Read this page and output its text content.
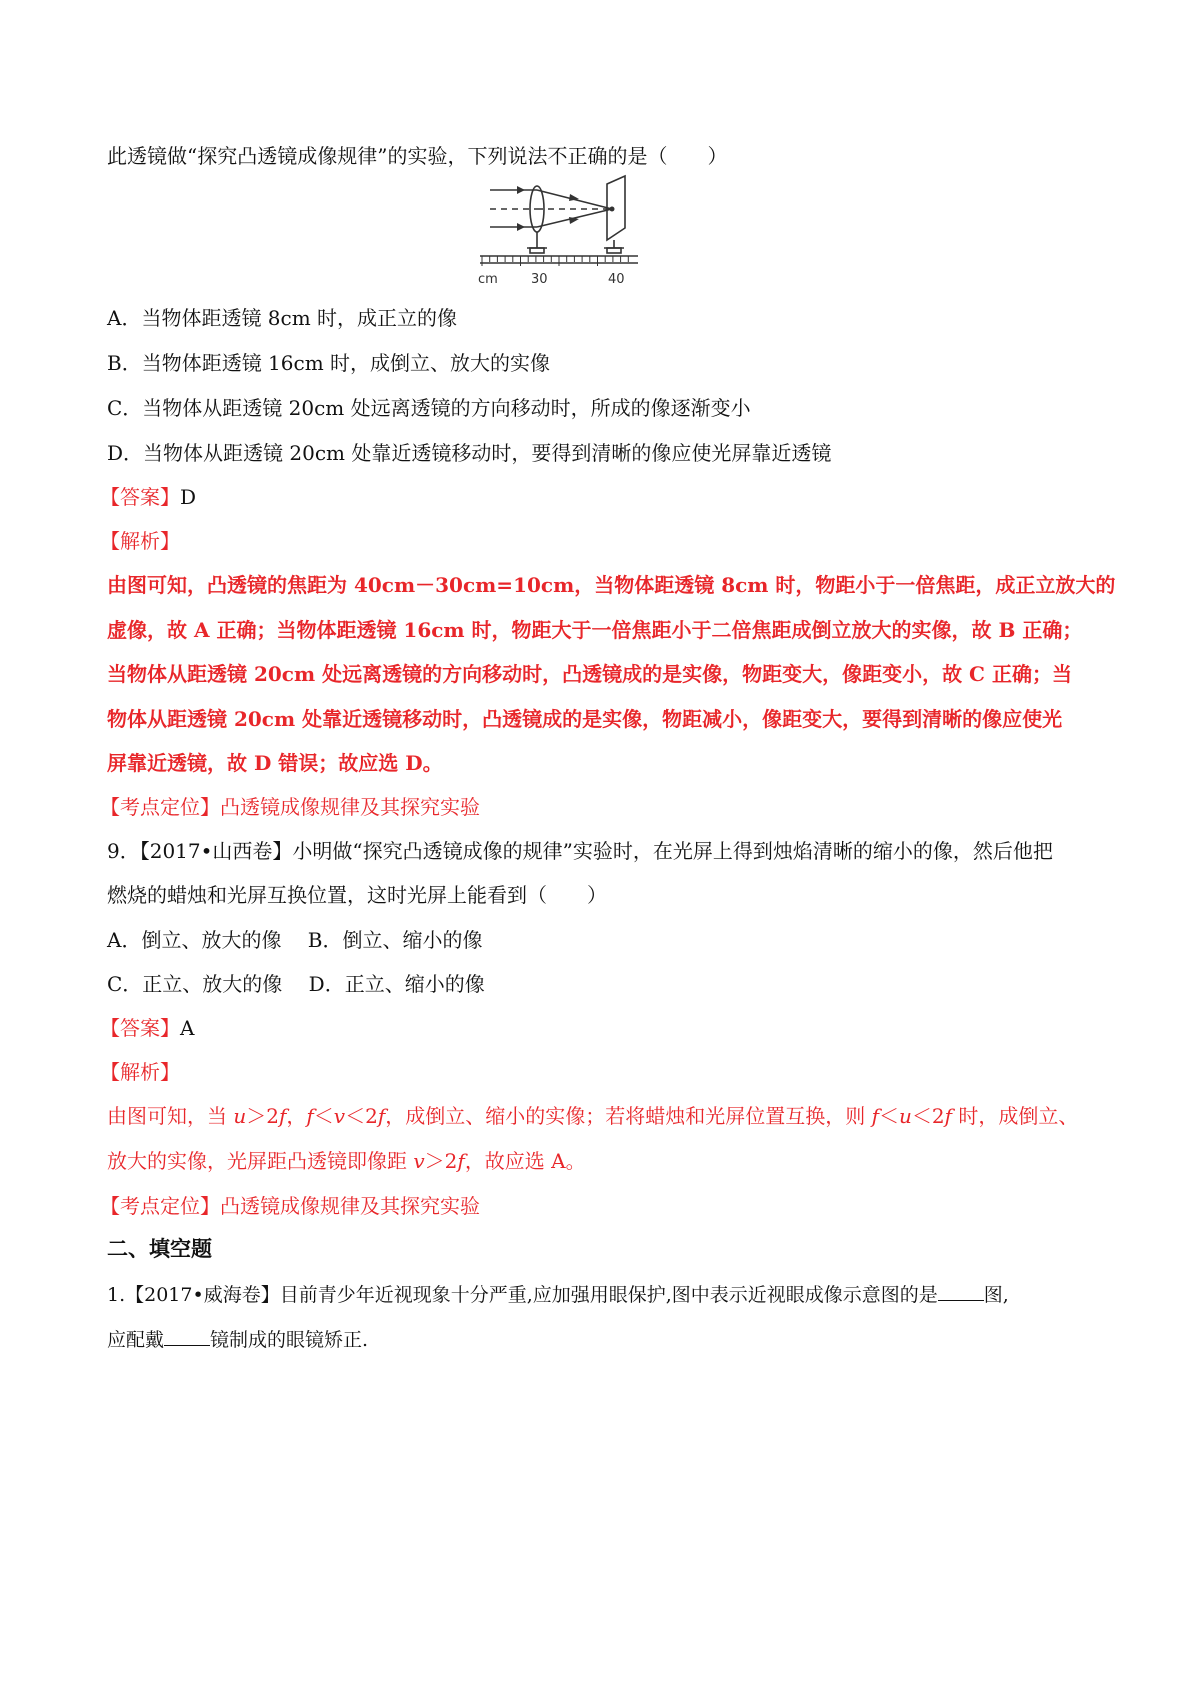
此透镜做“探究凸透镜成像规律”的实验，下列说法不正确的是（　　）
cm	30	40
A．当物体距透镜 8cm 时，成正立的像
B．当物体距透镜 16cm 时，成倒立、放大的实像
C．当物体从距透镜 20cm 处远离透镜的方向移动时，所成的像逐渐变小
D．当物体从距透镜 20cm 处靠近透镜移动时，要得到清晰的像应使光屏靠近透镜
【答案】D
【解析】
由图可知，凸透镜的焦距为 40cm－30cm=10cm，当物体距透镜 8cm 时，物距小于一倍焦距，成正立放大的
虚像，故 A 正确；当物体距透镜 16cm 时，物距大于一倍焦距小于二倍焦距成倒立放大的实像，故 B 正确；
当物体从距透镜 20cm 处远离透镜的方向移动时，凸透镜成的是实像，物距变大，像距变小，故 C 正确；当
物体从距透镜 20cm 处靠近透镜移动时，凸透镜成的是实像，物距减小，像距变大，要得到清晰的像应使光
屏靠近透镜，故 D 错误；故应选 D。
【考点定位】凸透镜成像规律及其探究实验
9．【2017•山西卷】小明做“探究凸透镜成像的规律”实验时，在光屏上得到烛焰清晰的缩小的像，然后他把
燃烧的蜡烛和光屏互换位置，这时光屏上能看到（　　）
A．倒立、放大的像　 B．倒立、缩小的像
C．正立、放大的像　 D．正立、缩小的像
【答案】A
【解析】
由图可知，当 u＞2f，f＜v＜2f，成倒立、缩小的实像；若将蜡烛和光屏位置互换，则 f＜u＜2f 时，成倒立、
放大的实像，光屏距凸透镜即像距 v＞2f，故应选 A。
【考点定位】凸透镜成像规律及其探究实验
二、填空题
1.【2017•威海卷】目前青少年近视现象十分严重,应加强用眼保护,图中表示近视眼成像示意图的是 图,
应配戴 镜制成的眼镜矫正.
